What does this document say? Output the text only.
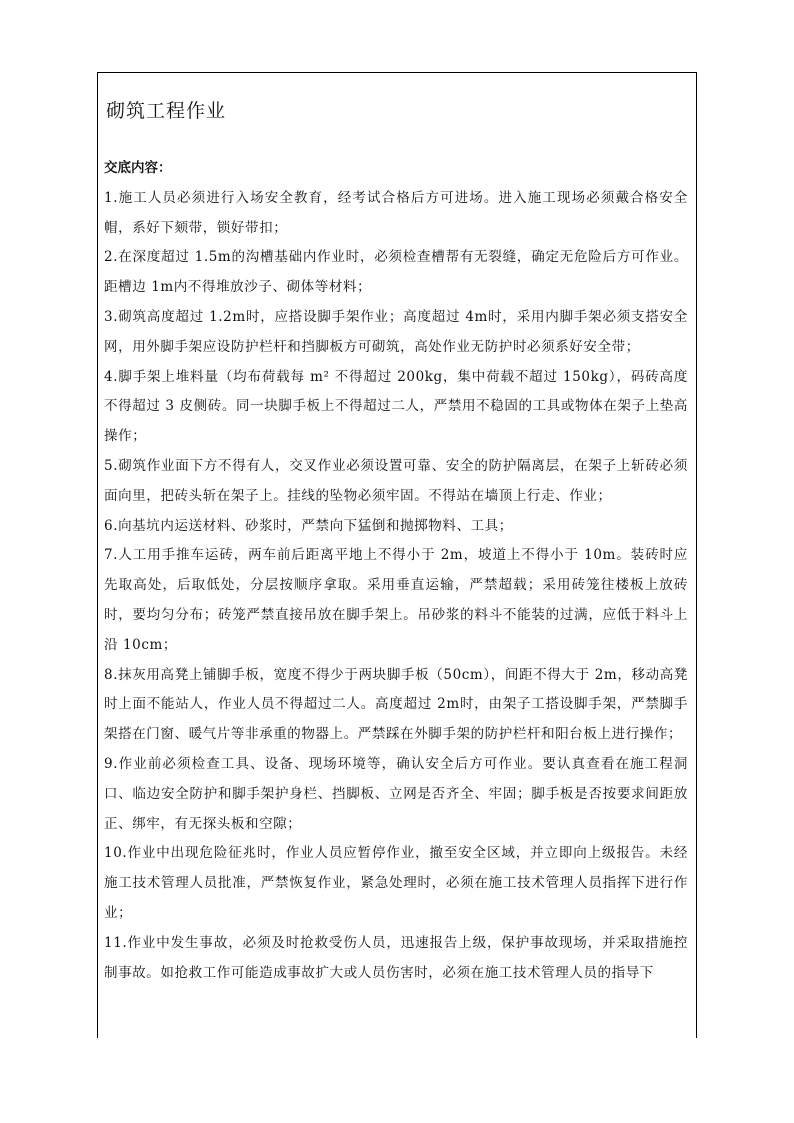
砌筑工程作业
交底内容：

1.施工人员必须进行入场安全教育，经考试合格后方可进场。进入施工现场必须戴合格安全帽，系好下颏带，锁好带扣；

2.在深度超过 1.5m的沟槽基础内作业时，必须检查槽帮有无裂缝，确定无危险后方可作业。距槽边 1m内不得堆放沙子、砌体等材料；

3.砌筑高度超过 1.2m时，应搭设脚手架作业；高度超过 4m时，采用内脚手架必须支搭安全网，用外脚手架应设防护栏杆和挡脚板方可砌筑，高处作业无防护时必须系好安全带；

4.脚手架上堆料量（均布荷载每 m² 不得超过 200kg，集中荷载不超过 150kg），码砖高度不得超过 3 皮侧砖。同一块脚手板上不得超过二人，严禁用不稳固的工具或物体在架子上垫高操作；

5.砌筑作业面下方不得有人，交叉作业必须设置可靠、安全的防护隔离层，在架子上斩砖必须面向里，把砖头斩在架子上。挂线的坠物必须牢固。不得站在墙顶上行走、作业；

6.向基坑内运送材料、砂浆时，严禁向下猛倒和抛掷物料、工具；

7.人工用手推车运砖，两车前后距离平地上不得小于 2m，坡道上不得小于 10m。装砖时应先取高处，后取低处，分层按顺序拿取。采用垂直运输，严禁超载；采用砖笼往楼板上放砖时，要均匀分布；砖笼严禁直接吊放在脚手架上。吊砂浆的料斗不能装的过满，应低于料斗上沿 10cm；

8.抹灰用高凳上铺脚手板，宽度不得少于两块脚手板（50cm），间距不得大于 2m，移动高凳时上面不能站人，作业人员不得超过二人。高度超过 2m时，由架子工搭设脚手架，严禁脚手架搭在门窗、暖气片等非承重的物器上。严禁踩在外脚手架的防护栏杆和阳台板上进行操作；

9.作业前必须检查工具、设备、现场环境等，确认安全后方可作业。要认真查看在施工程洞口、临边安全防护和脚手架护身栏、挡脚板、立网是否齐全、牢固；脚手板是否按要求间距放正、绑牢，有无探头板和空隙；

10.作业中出现危险征兆时，作业人员应暂停作业，撤至安全区域，并立即向上级报告。未经施工技术管理人员批准，严禁恢复作业，紧急处理时，必须在施工技术管理人员指挥下进行作业；

11.作业中发生事故，必须及时抢救受伤人员，迅速报告上级，保护事故现场，并采取措施控制事故。如抢救工作可能造成事故扩大或人员伤害时，必须在施工技术管理人员的指导下
